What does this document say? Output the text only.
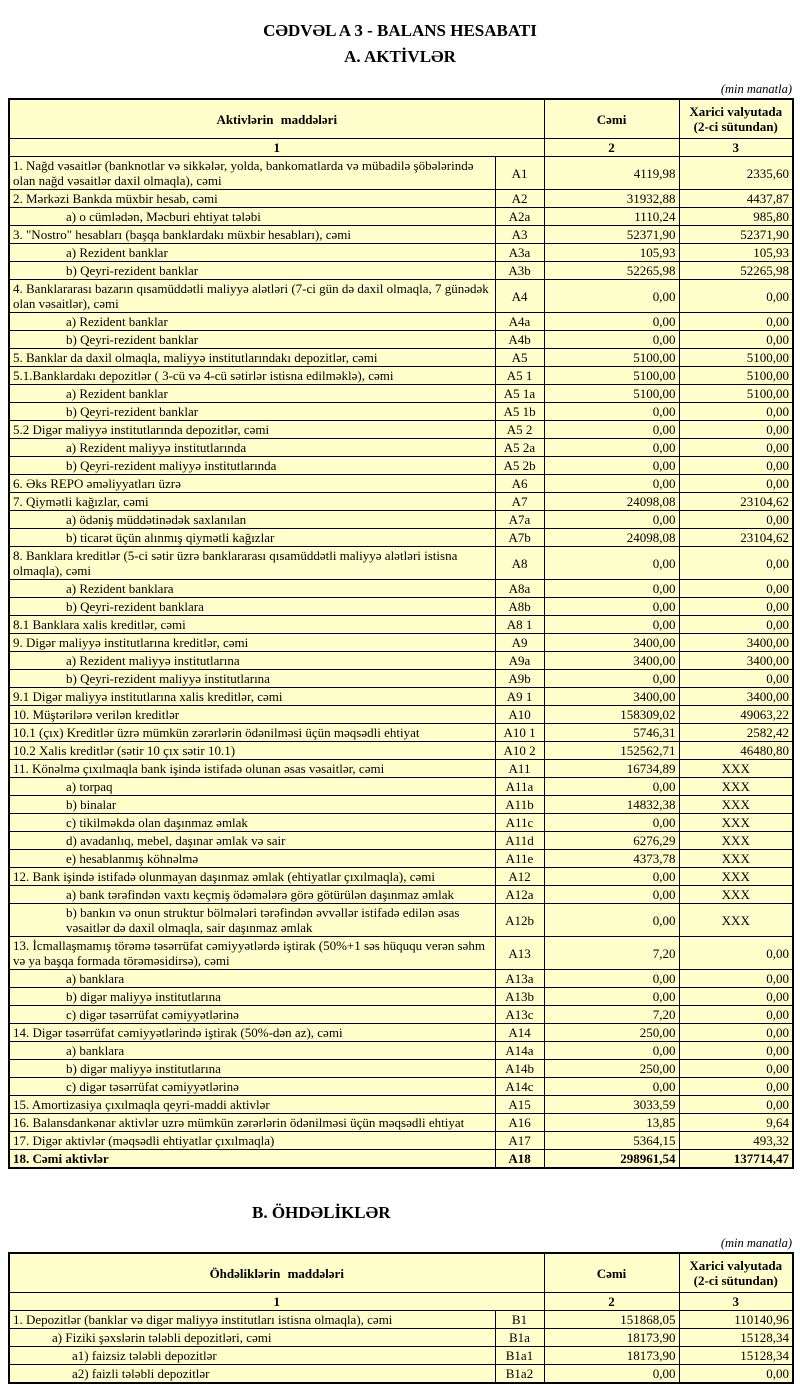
CƏDVƏL A 3 - BALANS HESABATI
A. AKTİVLƏR
(min manatla)
Aktivlərin maddələri		Cəmi	Xarici valyutada
(2-ci sütundan)

1		2	3
1. Nağd vəsaitlər (banknotlar və sikkələr, yolda, bankomatlarda və mübadilə şöbələrində olan nağd vəsaitlər daxil olmaqla), cəmi	A1	4119,98	2335,60
2. Mərkəzi Bankda müxbir hesab, cəmi	A2	31932,88	4437,87
a) o cümlədən, Məcburi ehtiyat tələbi	A2a	1110,24	985,80
3. "Nostro" hesabları (başqa banklardakı müxbir hesabları), cəmi	A3	52371,90	52371,90
a) Rezident banklar	A3a	105,93	105,93
b) Qeyri-rezident banklar	A3b	52265,98	52265,98
4. Banklararası bazarın qısamüddətli maliyyə alətləri (7-ci gün də daxil olmaqla, 7 günədək olan vəsaitlər), cəmi	A4	0,00	0,00
a) Rezident banklar	A4a	0,00	0,00
b) Qeyri-rezident banklar	A4b	0,00	0,00
5. Banklar da daxil olmaqla, maliyyə institutlarındakı depozitlər, cəmi	A5	5100,00	5100,00
5.1.Banklardakı depozitlər ( 3-cü və 4-cü sətirlər istisna edilməklə), cəmi	A5 1	5100,00	5100,00
a) Rezident banklar	A5 1a	5100,00	5100,00
b) Qeyri-rezident banklar	A5 1b	0,00	0,00
5.2 Digər maliyyə institutlarında depozitlər, cəmi	A5 2	0,00	0,00
a) Rezident maliyyə institutlarında	A5 2a	0,00	0,00
b) Qeyri-rezident maliyyə institutlarında	A5 2b	0,00	0,00
6. Əks REPO əməliyyatları üzrə	A6	0,00	0,00
7. Qiymətli kağızlar, cəmi	A7	24098,08	23104,62
a) ödəniş müddətinədək saxlanılan	A7a	0,00	0,00
b) ticarət üçün alınmış qiymətli kağızlar	A7b	24098,08	23104,62
8. Banklara kreditlər (5-ci sətir üzrə banklararası qısamüddətli maliyyə alətləri istisna olmaqla), cəmi	A8	0,00	0,00
a) Rezident banklara	A8a	0,00	0,00
b) Qeyri-rezident banklara	A8b	0,00	0,00
8.1 Banklara xalis kreditlər, cəmi	A8 1	0,00	0,00
9. Digər maliyyə institutlarına kreditlər, cəmi	A9	3400,00	3400,00
a) Rezident maliyyə institutlarına	A9a	3400,00	3400,00
b) Qeyri-rezident maliyyə institutlarına	A9b	0,00	0,00
9.1 Digər maliyyə institutlarına xalis kreditlər, cəmi	A9 1	3400,00	3400,00
10. Müştərilərə verilən kreditlər	A10	158309,02	49063,22
10.1 (çıx) Kreditlər üzrə mümkün zərərlərin ödənilməsi üçün məqsədli ehtiyat	A10 1	5746,31	2582,42
10.2 Xalis kreditlər (sətir 10 çıx sətir 10.1)	A10 2	152562,71	46480,80
11. Könəlmə çıxılmaqla bank işində istifadə olunan əsas vəsaitlər, cəmi	A11	16734,89	XXX
a) torpaq	A11a	0,00	XXX
b) binalar	A11b	14832,38	XXX
c) tikilməkdə olan daşınmaz əmlak	A11c	0,00	XXX
d) avadanlıq, mebel, daşınar əmlak və sair	A11d	6276,29	XXX
e) hesablanmış köhnəlmə	A11e	4373,78	XXX
12. Bank işində istifadə olunmayan daşınmaz əmlak (ehtiyatlar çıxılmaqla), cəmi	A12	0,00	XXX
a) bank tərəfindən vaxtı keçmiş ödəmələrə görə götürülən daşınmaz əmlak	A12a	0,00	XXX
b) bankın və onun struktur bölmələri tərəfindən əvvəllər istifadə edilən əsas vəsaitlər də daxil olmaqla, sair daşınmaz əmlak	A12b	0,00	XXX
13. İcmallaşmamış törəmə təsərrüfat cəmiyyətlərdə iştirak (50%+1 səs hüququ verən səhm və ya başqa formada törəməsidirsə), cəmi	A13	7,20	0,00
a) banklara	A13a	0,00	0,00
b) digər maliyyə institutlarına	A13b	0,00	0,00
c) digər təsərrüfat cəmiyyətlərinə	A13c	7,20	0,00
14. Digər təsərrüfat cəmiyyətlərində iştirak (50%-dən az), cəmi	A14	250,00	0,00
a) banklara	A14a	0,00	0,00
b) digər maliyyə institutlarına	A14b	250,00	0,00
c) digər təsərrüfat cəmiyyətlərinə	A14c	0,00	0,00
15. Amortizasiya çıxılmaqla qeyri-maddi aktivlər	A15	3033,59	0,00
16. Balansdankənar aktivlər uzrə mümkün zərərlərin ödənilməsi üçün məqsədli ehtiyat	A16	13,85	9,64
17. Digər aktivlər (məqsədli ehtiyatlar çıxılmaqla)	A17	5364,15	493,32
18. Cəmi aktivlər	A18	298961,54	137714,47
B. ÖHDƏLİKLƏR
(min manatla)
Öhdəliklərin maddələri		Cəmi	Xarici valyutada
(2-ci sütundan)

1		2	3
1. Depozitlər (banklar və digər maliyyə institutları istisna olmaqla), cəmi	B1	151868,05	110140,96
a) Fiziki şəxslərin tələbli depozitləri, cəmi	B1a	18173,90	15128,34
a1) faizsiz tələbli depozitlər	B1a1	18173,90	15128,34
a2) faizli tələbli depozitlər	B1a2	0,00	0,00
